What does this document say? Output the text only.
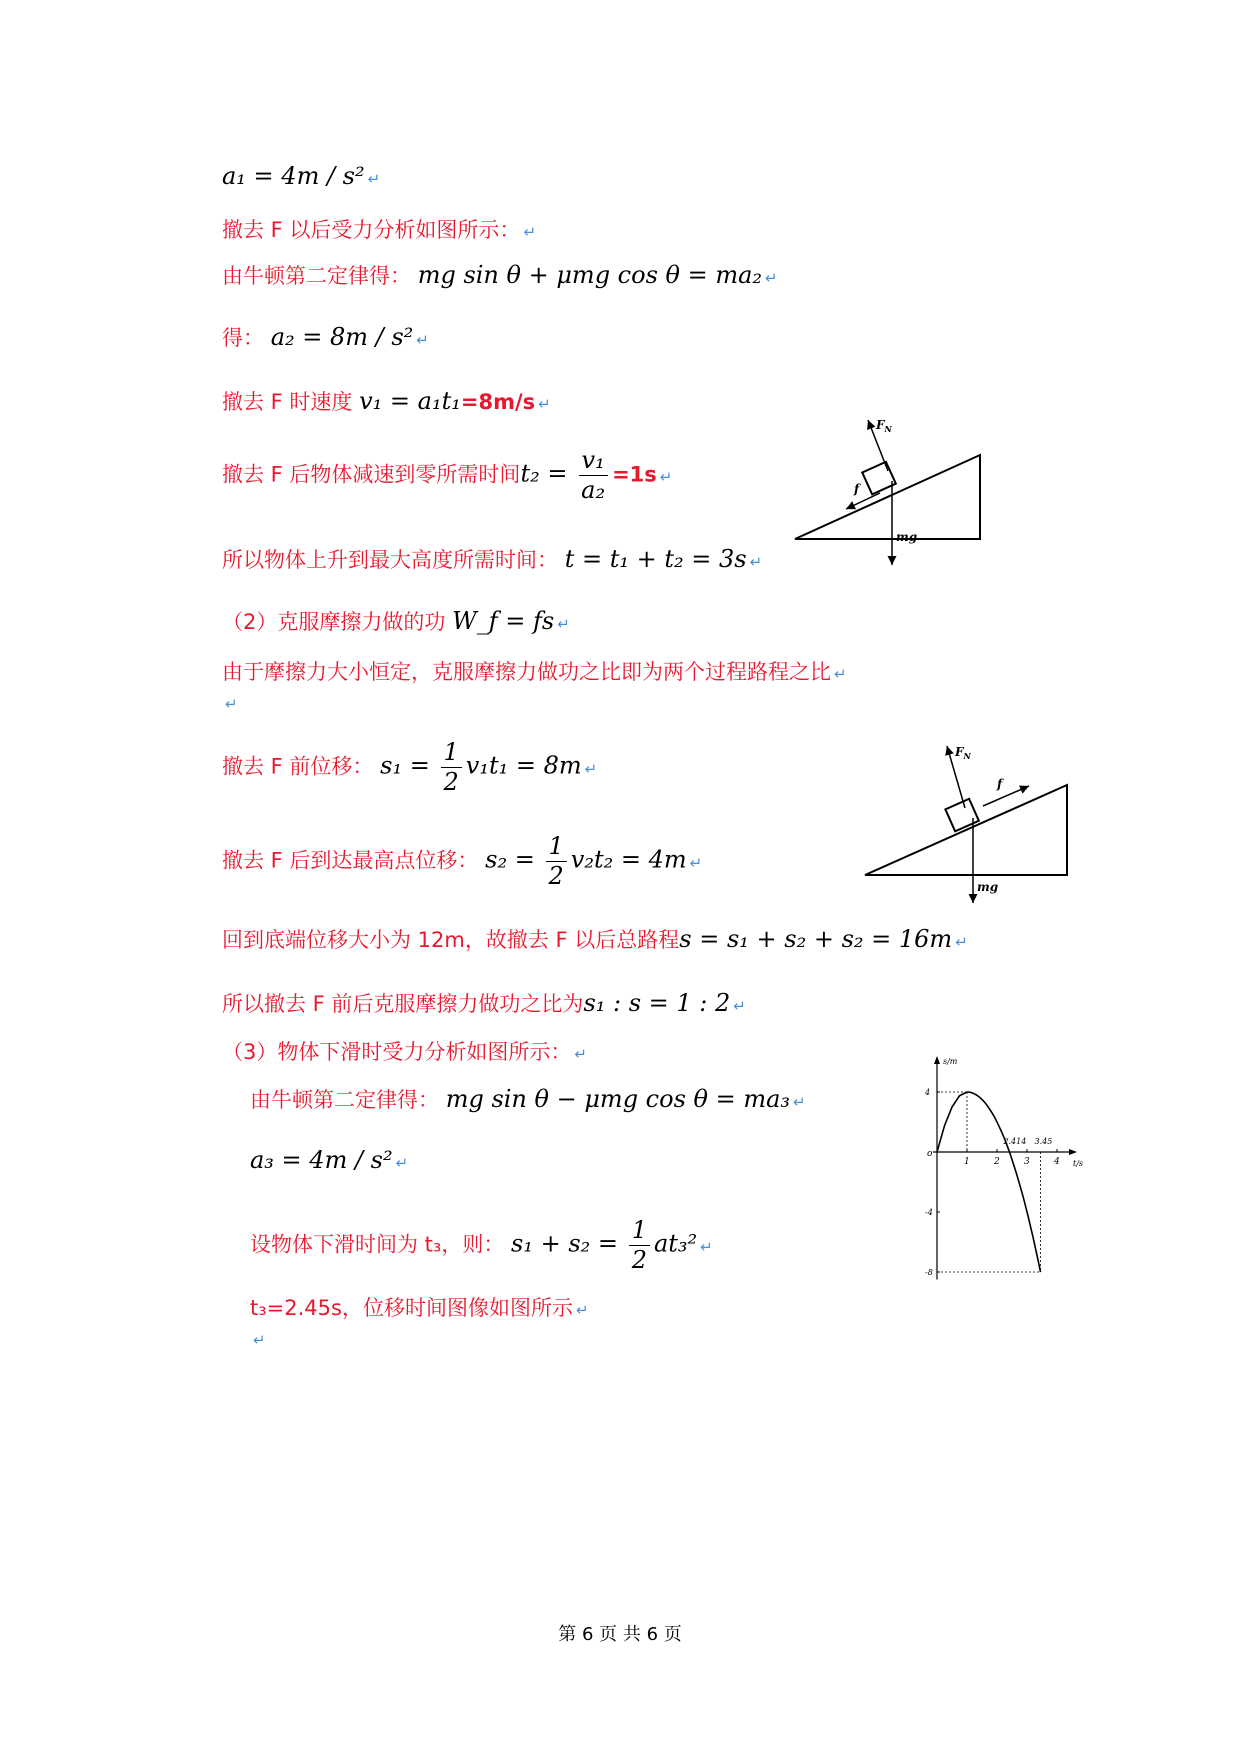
a₁ = 4m / s² ↵
撤去 F 以后受力分析如图所示： ↵
由牛顿第二定律得： mg sin θ + μmg cos θ = ma₂ ↵
得： a₂ = 8m / s² ↵
撤去 F 时速度 v₁ = a₁t₁=8m/s ↵
撤去 F 后物体减速到零所需时间$t_2 = \frac{\text{v₁}}{\text{a₂}} =1s$ ↵
所以物体上升到最大高度所需时间： t = t₁ + t₂ = 3s ↵
（2）克服摩擦力做的功 W_f = fs ↵
由于摩擦力大小恒定，克服摩擦力做功之比即为两个过程路程之比 ↵
↵
撤去 F 前位移： $s_1 = \frac{1}{2} v_1t_1 = 8m$ ↵
撤去 F 后到达最高点位移： $s_2 = \frac{1}{2} v_2t_2 = 4m$ ↵
回到底端位移大小为 12m，故撤去 F 以后总路程s = s₁ + s₂ + s₂ = 16m ↵
所以撤去 F 前后克服摩擦力做功之比为s₁ : s = 1 : 2 ↵
（3）物体下滑时受力分析如图所示： ↵
由牛顿第二定律得： mg sin θ − μmg cos θ = ma₃ ↵
a₃ = 4m / s² ↵
设物体下滑时间为 t₃，则： $s_1 + s_2 = \frac{1}{2} at_3^2$ ↵
t₃=2.45s，位移时间图像如图所示 ↵
↵
$F_N$
f
mg
$F_N$
f
mg
s/m
t/s
o
1	2	3	4
4
-4
-8
2.414 3.45
第 6 页 共 6 页
